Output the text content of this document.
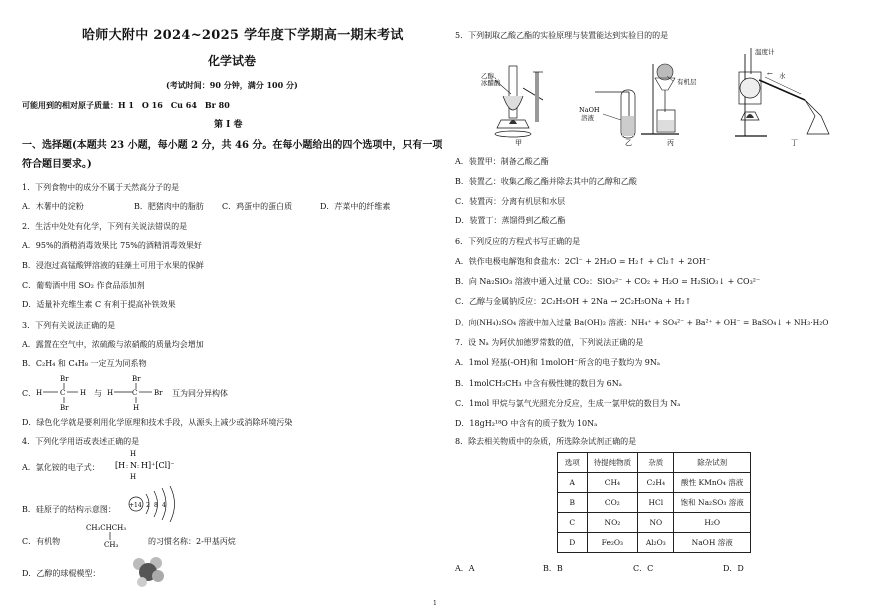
哈师大附中 2024~2025 学年度下学期高一期末考试
化学试卷
(考试时间：90 分钟，满分 100 分)
可能用到的相对原子质量：H 1　O 16　Cu 64　Br 80
第 I 卷
一、选择题(本题共 23 小题，每小题 2 分，共 46 分。在每小题给出的四个选项中，只有一项
符合题目要求。)
1．下列食物中的成分不属于天然高分子的是
A．木薯中的淀粉	B．肥猪肉中的脂肪 C．鸡蛋中的蛋白质	D．芹菜中的纤维素
2．生活中处处有化学，下列有关说法错误的是
A．95%的酒精消毒效果比 75%的酒精消毒效果好
B．浸泡过高锰酸钾溶液的硅藻土可用于水果的保鲜
C．葡萄酒中用 SO₂ 作食品添加剂
D．适量补充维生素 C 有利于提高补铁效果
3．下列有关说法正确的是
A．露置在空气中，浓硫酸与浓硝酸的质量均会增加
B．C₂H₄ 和 C₄H₈ 一定互为同系物
C．
Br
H	C H
Br
与
Br
H	C Br
H
互为同分异构体
D．绿色化学就是要利用化学原理和技术手段，从源头上减少或消除环境污染
4．下列化学用语或表述正确的是
A．氯化铵的电子式：
H
[H : N : H]⁺[Cl]⁻
H
B．硅原子的结构示意图： +14 2 8 4
C．有机物
CH₃CHCH₃
CH₃	的习惯名称：2-甲基丙烷
D．乙醇的球棍模型：
5．下列制取乙酸乙酯的实验原理与装置能达到实验目的的是
乙醇、冰醋酸
NaOH
溶液
有机层
温度计
水
←
甲	乙	丙	丁
A．装置甲：制备乙酸乙酯
B．装置乙：收集乙酸乙酯并除去其中的乙醇和乙酸
C．装置丙：分离有机层和水层
D．装置丁：蒸馏得到乙酸乙酯
6．下列反应的方程式书写正确的是
A．铁作电极电解饱和食盐水：2Cl⁻ + 2H₂O = H₂↑ + Cl₂↑ + 2OH⁻
B．向 Na₂SiO₃ 溶液中通入过量 CO₂：SiO₃²⁻ + CO₂ + H₂O = H₂SiO₃↓ + CO₃²⁻
C．乙醇与金属钠反应：2C₂H₅OH + 2Na → 2C₂H₅ONa + H₂↑
D．向(NH₄)₂SO₄ 溶液中加入过量 Ba(OH)₂ 溶液：NH₄⁺ + SO₄²⁻ + Ba²⁺ + OH⁻ = BaSO₄↓ + NH₃·H₂O
7．设 Nₐ 为阿伏加德罗常数的值，下列说法正确的是
A．1mol 羟基(-OH)和 1molOH⁻所含的电子数均为 9Nₐ
B．1molCH₃CH₃ 中含有极性键的数目为 6Nₐ
C．1mol 甲烷与氯气光照充分反应，生成一氯甲烷的数目为 Nₐ
D．18gH₂¹⁸O 中含有的质子数为 10Nₐ
8．除去相关物质中的杂质，所选除杂试剂正确的是
选项	待提纯物质	杂质	除杂试剂
A	CH₄	C₂H₄	酸性 KMnO₄ 溶液
B	CO₂	HCl	饱和 Na₂SO₃ 溶液
C	NO₂	NO	H₂O
D	Fe₂O₃	Al₂O₃	NaOH 溶液
A．A	B．B	C．C	D．D
1
